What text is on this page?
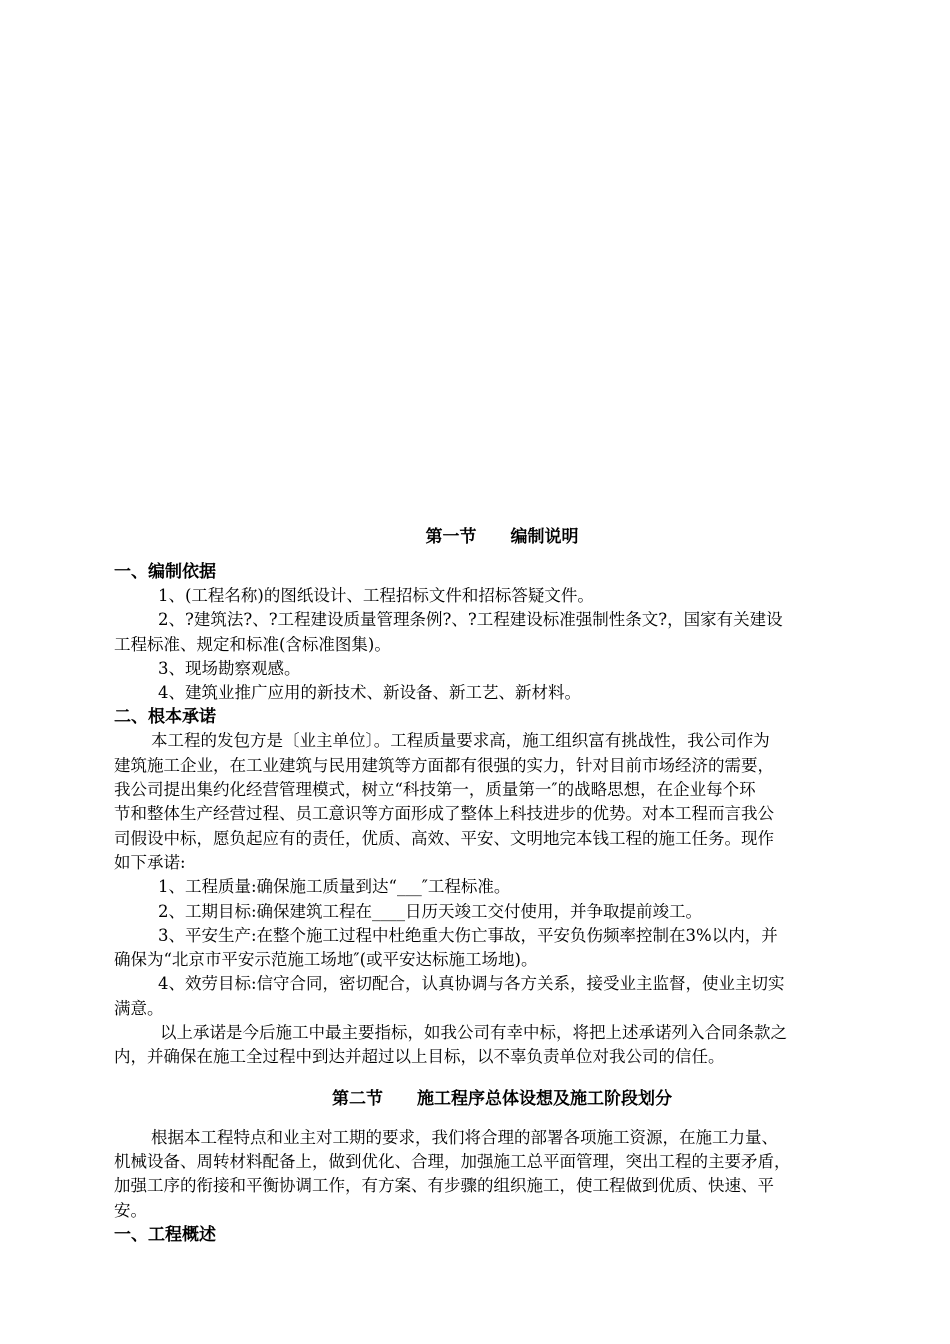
第一节　　编制说明
一、编制依据
1、(工程名称)的图纸设计、工程招标文件和招标答疑文件。
2、?建筑法?、?工程建设质量管理条例?、?工程建设标准强制性条文?，国家有关建设
工程标准、规定和标准(含标准图集)。
3、现场勘察观感。
4、建筑业推广应用的新技术、新设备、新工艺、新材料。
二、根本承诺
本工程的发包方是〔业主单位〕。工程质量要求高，施工组织富有挑战性，我公司作为
建筑施工企业，在工业建筑与民用建筑等方面都有很强的实力，针对目前市场经济的需要，
我公司提出集约化经营管理模式，树立“科技第一，质量第一″的战略思想，在企业每个环
节和整体生产经营过程、员工意识等方面形成了整体上科技进步的优势。对本工程而言我公
司假设中标，愿负起应有的责任，优质、高效、平安、文明地完本钱工程的施工任务。现作
如下承诺:
1、工程质量:确保施工质量到达“___″工程标准。
2、工期目标:确保建筑工程在____日历天竣工交付使用，并争取提前竣工。
3、平安生产:在整个施工过程中杜绝重大伤亡事故，平安负伤频率控制在3%以内，并
确保为“北京市平安示范施工场地″(或平安达标施工场地)。
4、效劳目标:信守合同，密切配合，认真协调与各方关系，接受业主监督，使业主切实
满意。
以上承诺是今后施工中最主要指标，如我公司有幸中标，将把上述承诺列入合同条款之
内，并确保在施工全过程中到达并超过以上目标，以不辜负责单位对我公司的信任。
第二节　　施工程序总体设想及施工阶段划分
根据本工程特点和业主对工期的要求，我们将合理的部署各项施工资源，在施工力量、
机械设备、周转材料配备上，做到优化、合理，加强施工总平面管理，突出工程的主要矛盾，
加强工序的衔接和平衡协调工作，有方案、有步骤的组织施工，使工程做到优质、快速、平
安。
一、工程概述
